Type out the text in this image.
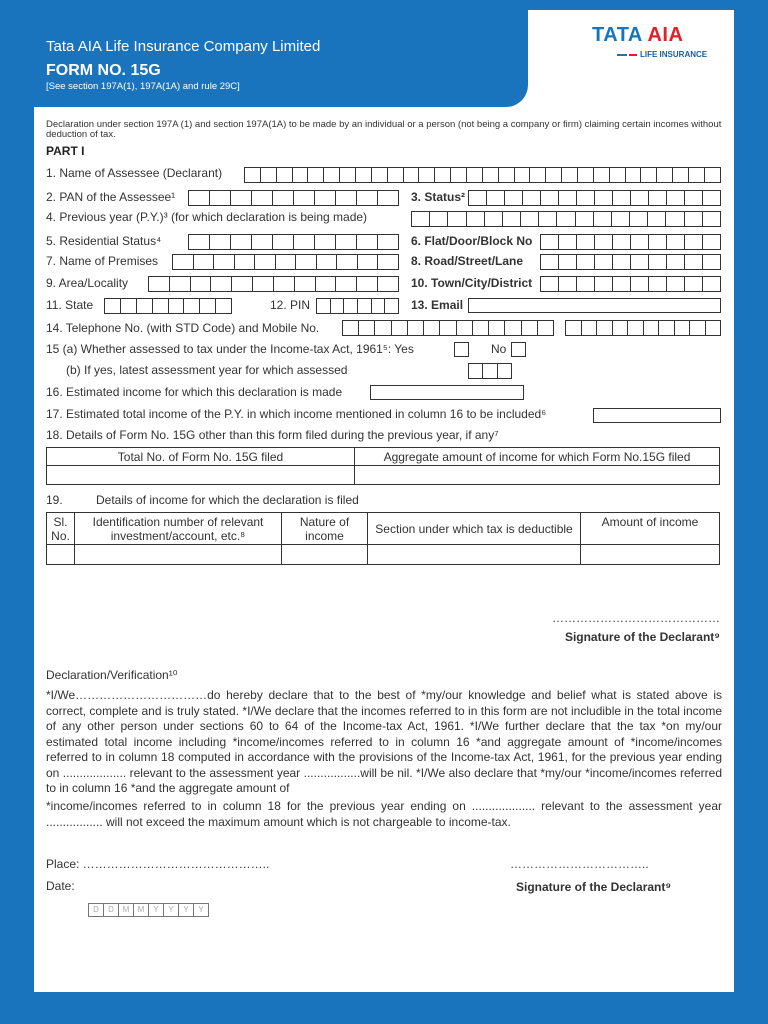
Tata AIA Life Insurance Company Limited
FORM NO. 15G
[See section 197A(1), 197A(1A) and rule 29C]
TATA AIA
LIFE INSURANCE
Declaration under section 197A (1) and section 197A(1A) to be made by an individual or a person (not being a company or firm) claiming certain incomes without deduction of tax.
PART I
1. Name of Assessee (Declarant)
2. PAN of the Assessee¹	3. Status²
4. Previous year (P.Y.)³ (for which declaration is being made)
5. Residential Status⁴	6. Flat/Door/Block No
7. Name of Premises	8. Road/Street/Lane
9. Area/Locality	10. Town/City/District
11. State	12. PIN	13. Email
14. Telephone No. (with STD Code) and Mobile No.
15 (a) Whether assessed to tax under the Income-tax Act, 1961⁵: Yes	No
(b) If yes, latest assessment year for which assessed
16. Estimated income for which this declaration is made
17. Estimated total income of the P.Y. in which income mentioned in column 16 to be included⁶
18. Details of Form No. 15G other than this form filed during the previous year, if any⁷
Total No. of Form No. 15G filed	Aggregate amount of income for which Form No.15G filed

19.	Details of income for which the declaration is filed
Sl. No.	Identification number of relevant investment/account, etc.⁸	Nature of income	Section under which tax is deductible	Amount of income

……………………………………
Signature of the Declarant⁹
Declaration/Verification¹⁰
*I/We……………………………do hereby declare that to the best of *my/our knowledge and belief what is stated above is correct, complete and is truly stated. *I/We declare that the incomes referred to in this form are not includible in the total income of any other person under sections 60 to 64 of the Income-tax Act, 1961. *I/We further declare that the tax *on my/our estimated total income including *income/incomes referred to in column 16 *and aggregate amount of *income/incomes referred to in column 18 computed in accordance with the provisions of the Income-tax Act, 1961, for the previous year ending on ................... relevant to the assessment year .................will be nil. *I/We also declare that *my/our *income/incomes referred to in column 16 *and the aggregate amount of
*income/incomes referred to in column 18 for the previous year ending on ................... relevant to the assessment year ................. will not exceed the maximum amount which is not chargeable to income-tax.
Place: ………………………………………..
Date:
……………………………..
Signature of the Declarant⁹
D	D	M	M	Y	Y	Y	Y
